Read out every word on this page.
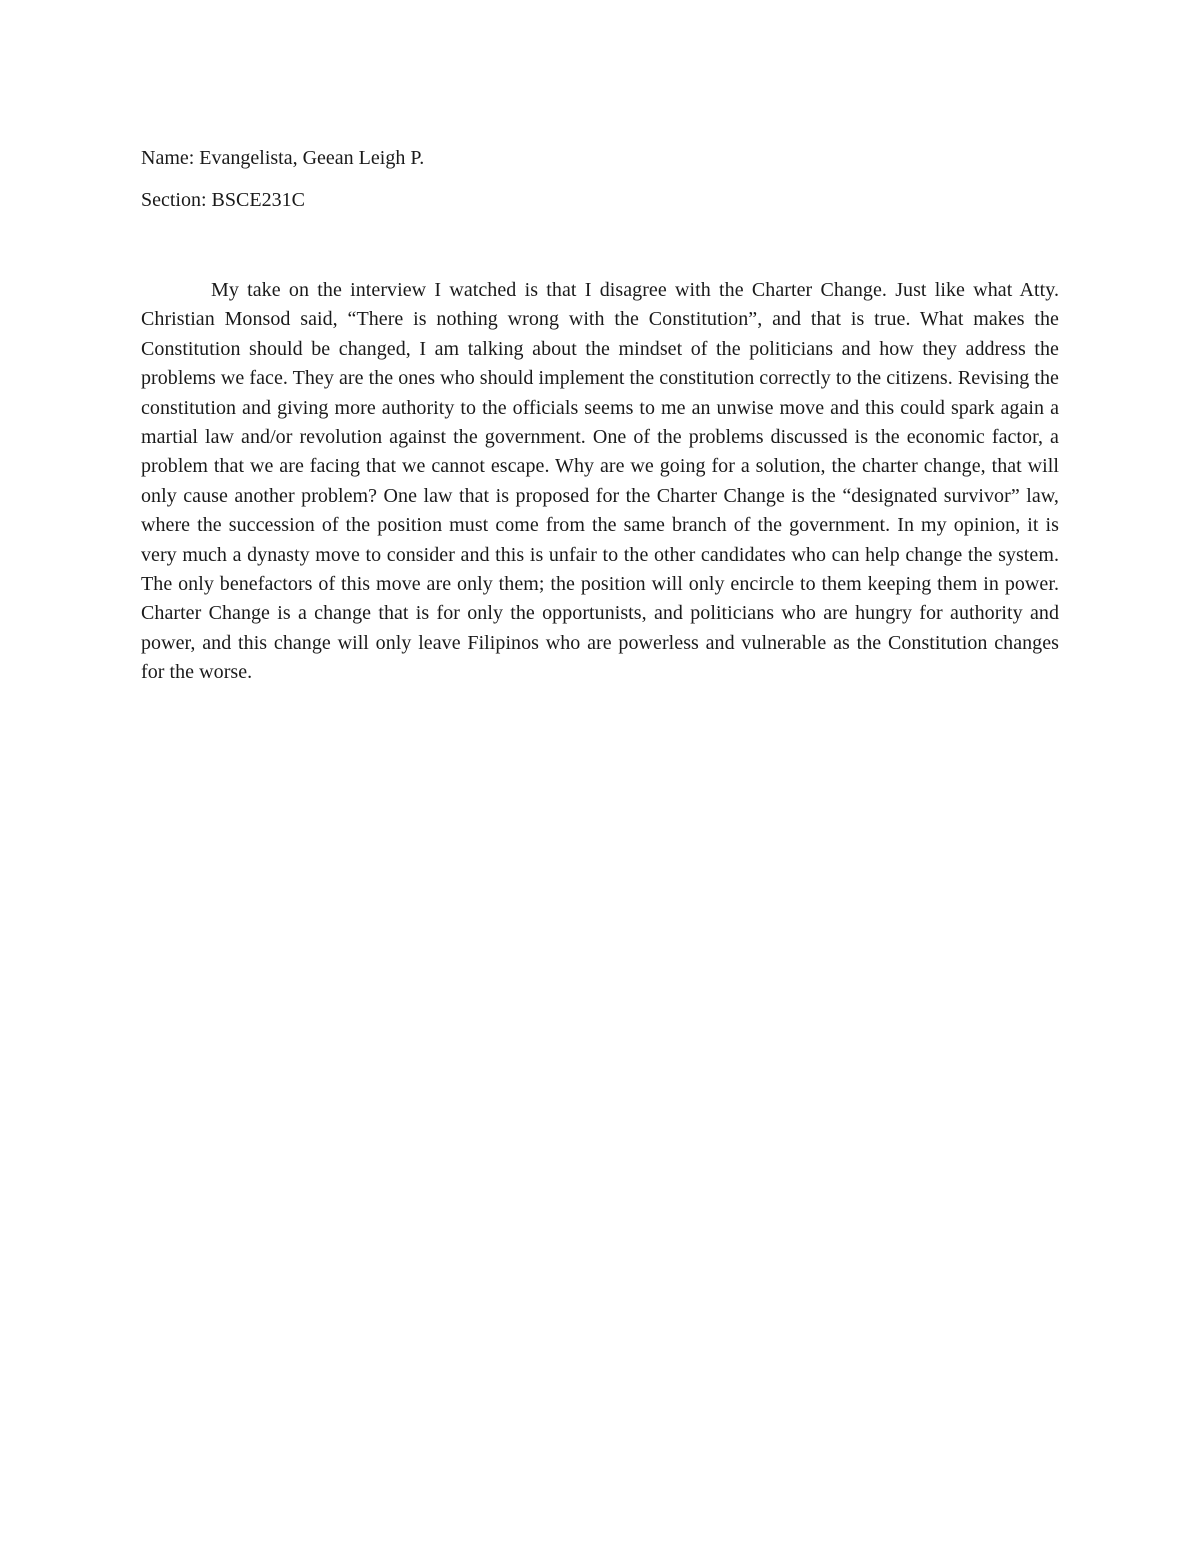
Name: Evangelista, Geean Leigh P.
Section: BSCE231C

My take on the interview I watched is that I disagree with the Charter Change. Just like what Atty. Christian Monsod said, “There is nothing wrong with the Constitution”, and that is true. What makes the Constitution should be changed, I am talking about the mindset of the politicians and how they address the problems we face. They are the ones who should implement the constitution correctly to the citizens. Revising the constitution and giving more authority to the officials seems to me an unwise move and this could spark again a martial law and/or revolution against the government. One of the problems discussed is the economic factor, a problem that we are facing that we cannot escape. Why are we going for a solution, the charter change, that will only cause another problem? One law that is proposed for the Charter Change is the “designated survivor” law, where the succession of the position must come from the same branch of the government. In my opinion, it is very much a dynasty move to consider and this is unfair to the other candidates who can help change the system. The only benefactors of this move are only them; the position will only encircle to them keeping them in power. Charter Change is a change that is for only the opportunists, and politicians who are hungry for authority and power, and this change will only leave Filipinos who are powerless and vulnerable as the Constitution changes for the worse.
